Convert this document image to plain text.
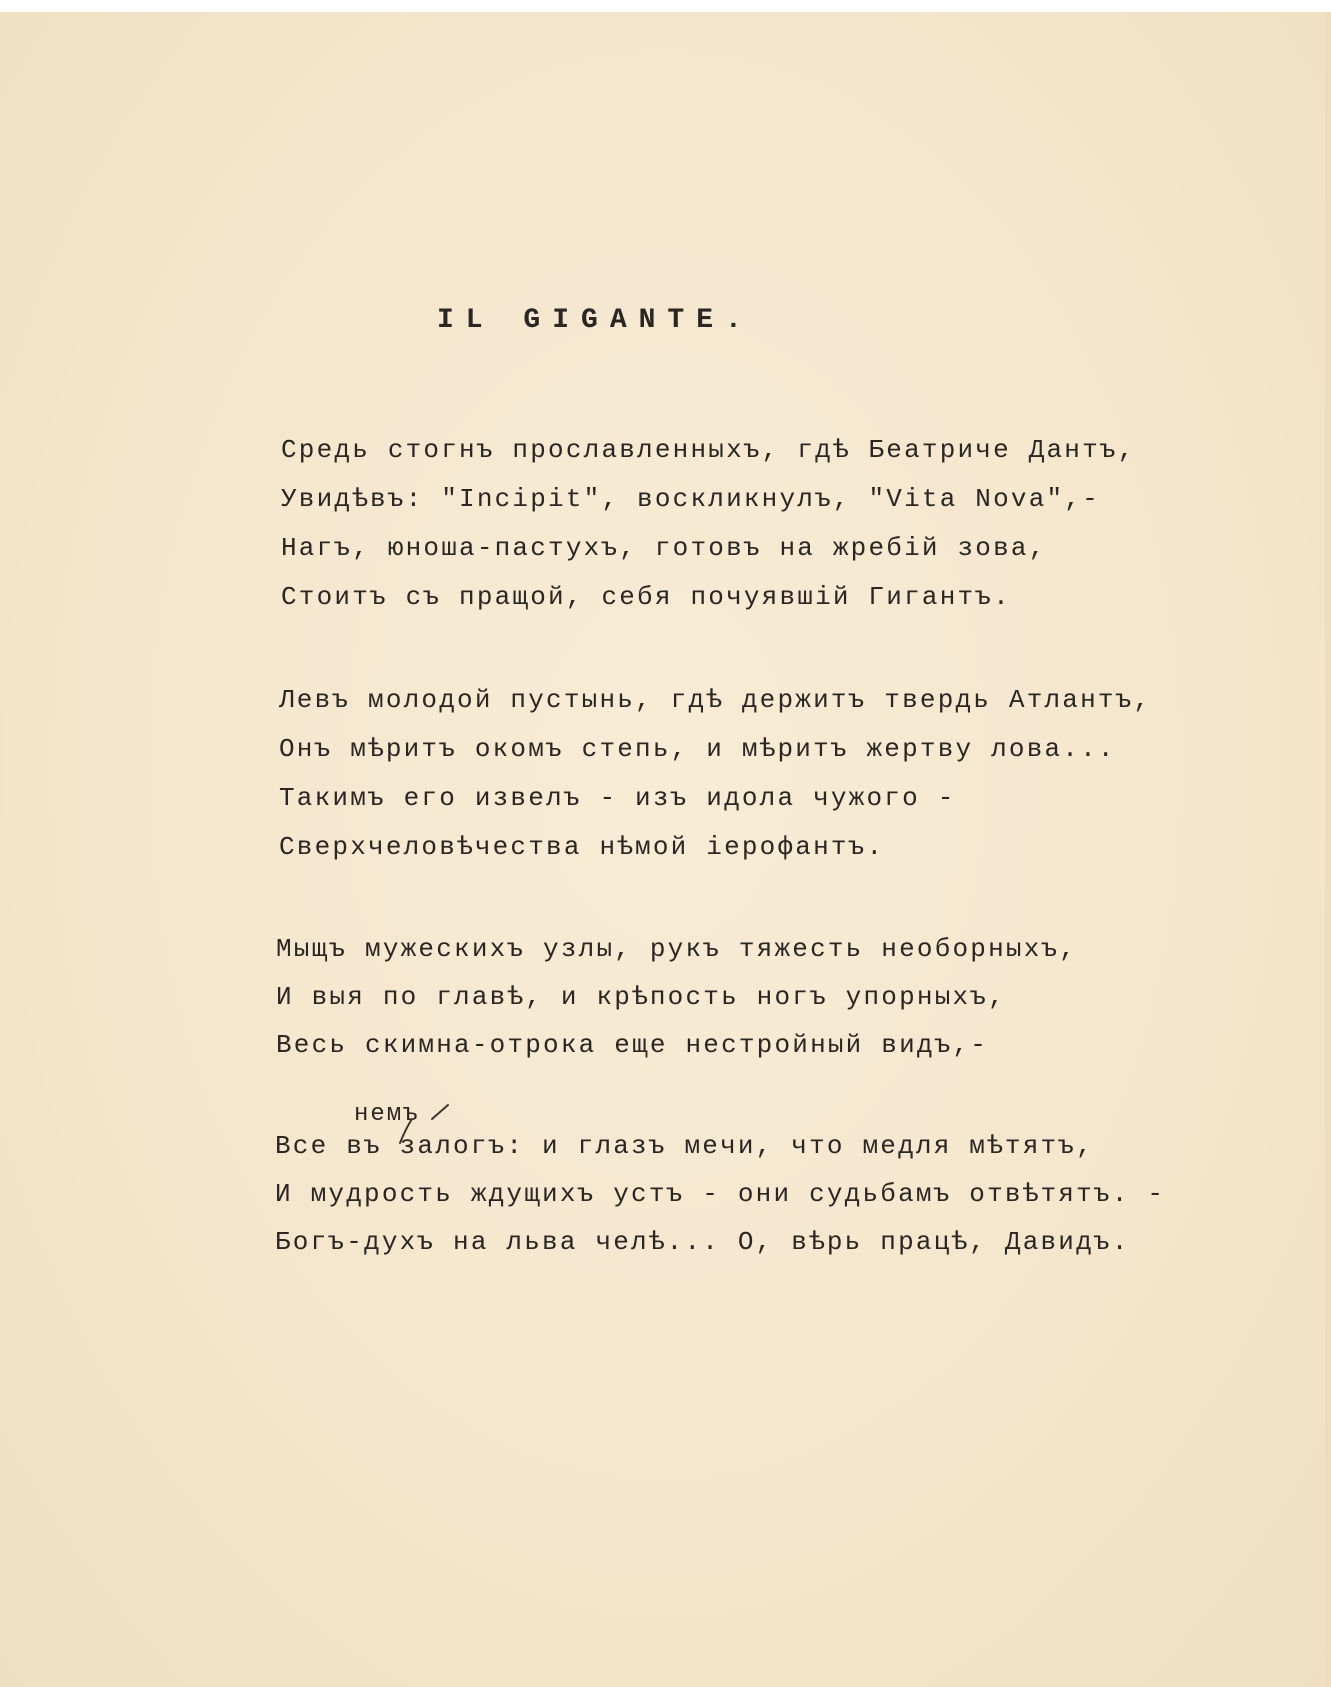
IL GIGANTE.
Средь стогнъ прославленныхъ, гдѣ Беатриче Дантъ,
Увидѣвъ: "Incipit", воскликнулъ, "Vita Nova",-
Нагъ, юноша-пастухъ, готовъ на жребiй зова,
Стоитъ съ пращой, себя почуявшiй Гигантъ.
Левъ молодой пустынь, гдѣ держитъ твердь Атлантъ,
Онъ мѣритъ окомъ степь, и мѣритъ жертву лова...
Такимъ его извелъ - изъ идола чужого -
Сверхчеловѣчества нѣмой iерофантъ.
Мыщъ мужескихъ узлы, рукъ тяжесть необорныхъ,
И выя по главѣ, и крѣпость ногъ упорныхъ,
Весь скимна-отрока еще нестройный видъ,-
немъ
Все въ залогъ: и глазъ мечи, что медля мѣтятъ,
И мудрость ждущихъ устъ - они судьбамъ отвѣтятъ. -
Богъ-духъ на льва челѣ... О, вѣрь працѣ, Давидъ.
